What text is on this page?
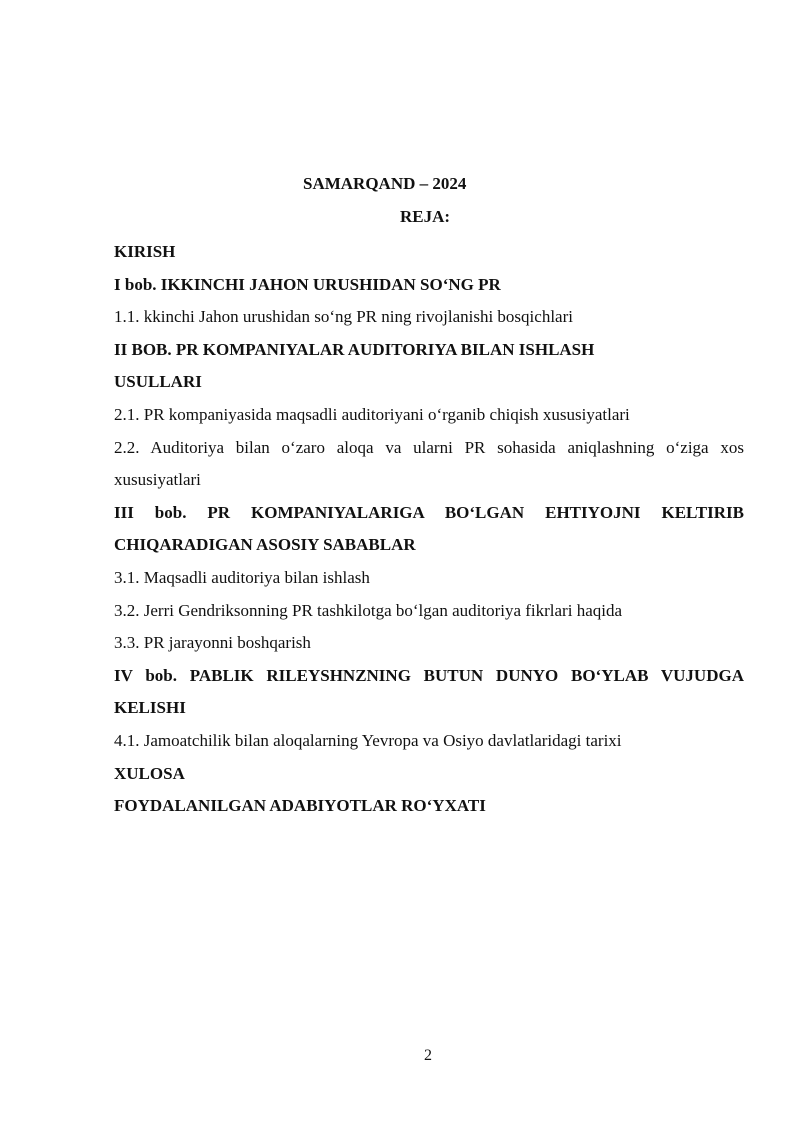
SAMARQAND – 2024
REJA:
KIRISH
I bob. IKKINCHI JAHON URUSHIDAN SOʻNG PR
1.1. kkinchi Jahon urushidan soʻng PR ning rivojlanishi bosqichlari
II BOB. PR KOMPANIYALAR AUDITORIYA BILAN ISHLASH
USULLARI
2.1. PR kompaniyasida maqsadli auditoriyani oʻrganib chiqish xususiyatlari
2.2. Auditoriya bilan oʻzaro aloqa va ularni PR sohasida aniqlashning oʻziga xos
xususiyatlari
III bob. PR KOMPANIYALARIGA BOʻLGAN EHTIYOJNI KELTIRIB
CHIQARADIGAN ASOSIY SABABLAR
3.1. Maqsadli auditoriya bilan ishlash
3.2. Jerri Gendriksonning PR tashkilotga boʻlgan auditoriya fikrlari haqida
3.3. PR jarayonni boshqarish
IV bob. PABLIK RILEYSHNZNING BUTUN DUNYO BOʻYLAB VUJUDGA
KELISHI
4.1. Jamoatchilik bilan aloqalarning Yevropa va Osiyo davlatlaridagi tarixi
XULOSA
FOYDALANILGAN ADABIYOTLAR ROʻYXATI
2
